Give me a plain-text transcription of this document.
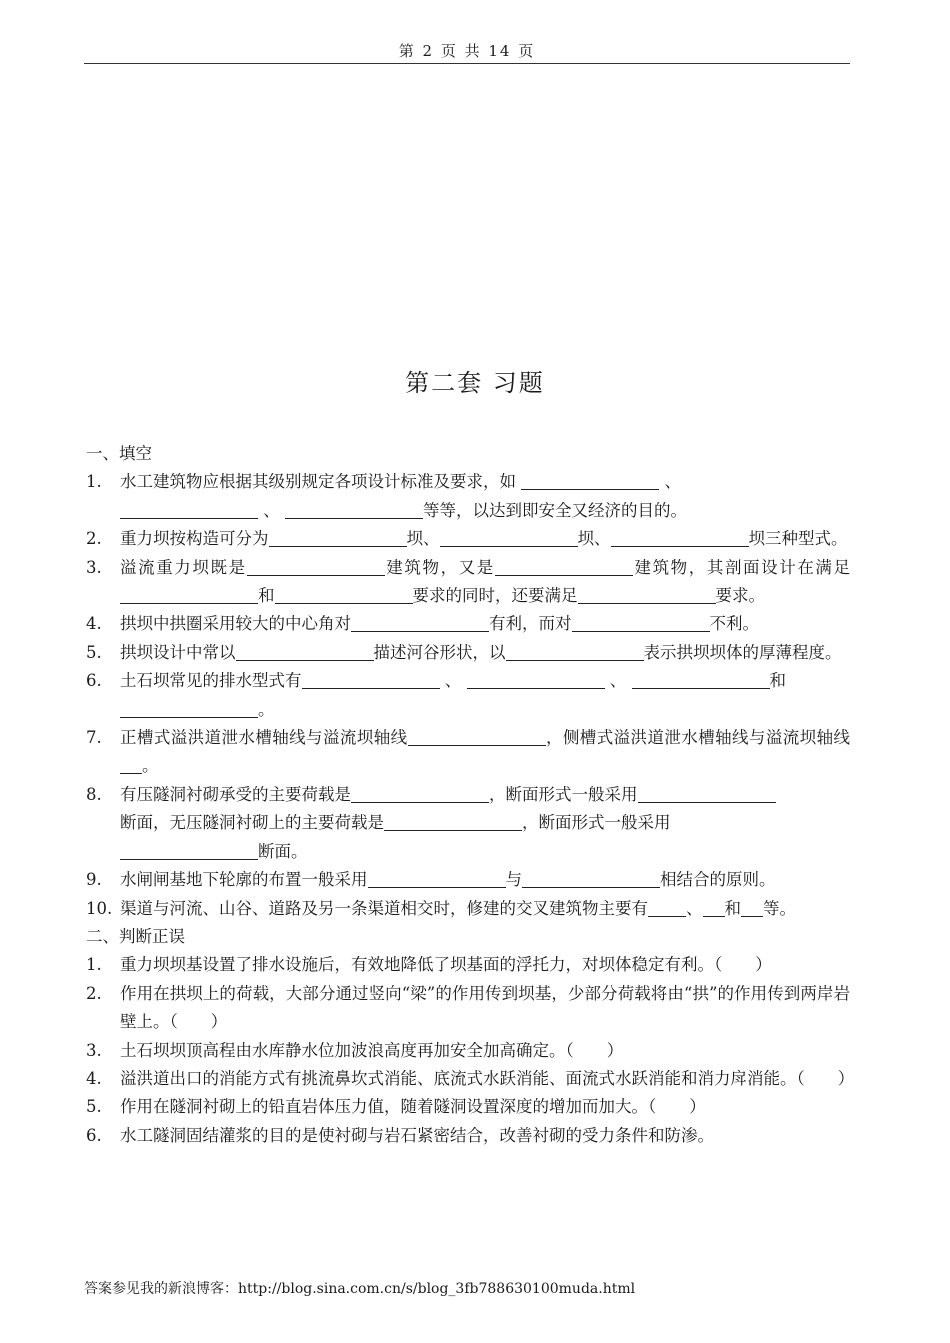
第 2 页 共 14 页
第二套 习题
一、填空
1.	水工建筑物应根据其级别规定各项设计标准及要求，如	、
、	等等，以达到即安全又经济的目的。
2.	重力坝按构造可分为	坝、	坝、	坝三种型式。
3.	溢流重力坝既是	建筑物，又是	建筑物，其剖面设计在满足和	要求的同时，还要满足	要求。
4.	拱坝中拱圈采用较大的中心角对	有利，而对	不利。
5.	拱坝设计中常以	描述河谷形状，以	表示拱坝坝体的厚薄程度。
6.	土石坝常见的排水型式有	、	、	和
。
7.	正槽式溢洪道泄水槽轴线与溢流坝轴线	，侧槽式溢洪道泄水槽轴线与溢流坝轴线。
8.	有压隧洞衬砌承受的主要荷载是	，断面形式一般采用
断面，无压隧洞衬砌上的主要荷载是	，断面形式一般采用
断面。
9.	水闸闸基地下轮廓的布置一般采用	与	相结合的原则。
10. 渠道与河流、山谷、道路及另一条渠道相交时，修建的交叉建筑物主要有 、 和 等。
二、判断正误
1.	重力坝坝基设置了排水设施后，有效地降低了坝基面的浮托力，对坝体稳定有利。（　　）
2.	作用在拱坝上的荷载，大部分通过竖向“梁”的作用传到坝基，少部分荷载将由“拱”的作用传到两岸岩壁上。（　　）
3.	土石坝坝顶高程由水库静水位加波浪高度再加安全加高确定。（　　）
4.	溢洪道出口的消能方式有挑流鼻坎式消能、底流式水跃消能、面流式水跃消能和消力戽消能。（　　）
5.	作用在隧洞衬砌上的铅直岩体压力值，随着隧洞设置深度的增加而加大。（　　）
6.	水工隧洞固结灌浆的目的是使衬砌与岩石紧密结合，改善衬砌的受力条件和防渗。
答案参见我的新浪博客：http://blog.sina.com.cn/s/blog_3fb788630100muda.html
